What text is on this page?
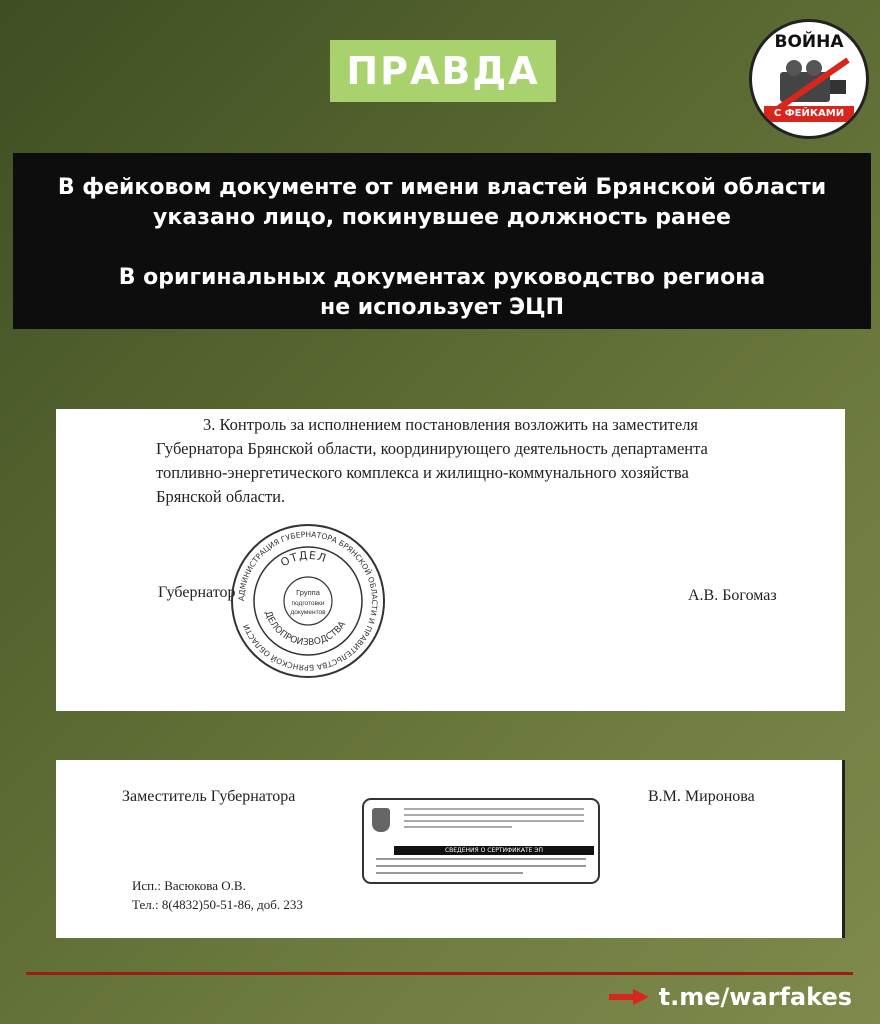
ПРАВДА
ВОЙНА
С ФЕЙКАМИ

В фейковом документе от имени властей Брянской области

указано лицо, покинувшее должность ранее

В оригинальных документах руководство региона

не использует ЭЦП

3. Контроль за исполнением постановления возложить на заместителя
Губернатора Брянской области, координирующего деятельность департамента
топливно-энергетического комплекса и жилищно-коммунального хозяйства
Брянской области.
Губернатор	А.В. Богомаз
АДМИНИСТРАЦИЯ ГУБЕРНАТОРА БРЯНСКОЙ ОБЛАСТИ И ПРАВИТЕЛЬСТВА БРЯНСКОЙ ОБЛАСТИ
ОТДЕЛ
ДЕЛОПРОИЗВОДСТВА
Группа
подготовки
документов
Заместитель Губернатора	В.М. Миронова
СВЕДЕНИЯ О СЕРТИФИКАТЕ ЭП
Исп.: Васюкова О.В.
Тел.: 8(4832)50-51-86, доб. 233
t.me/warfakes
